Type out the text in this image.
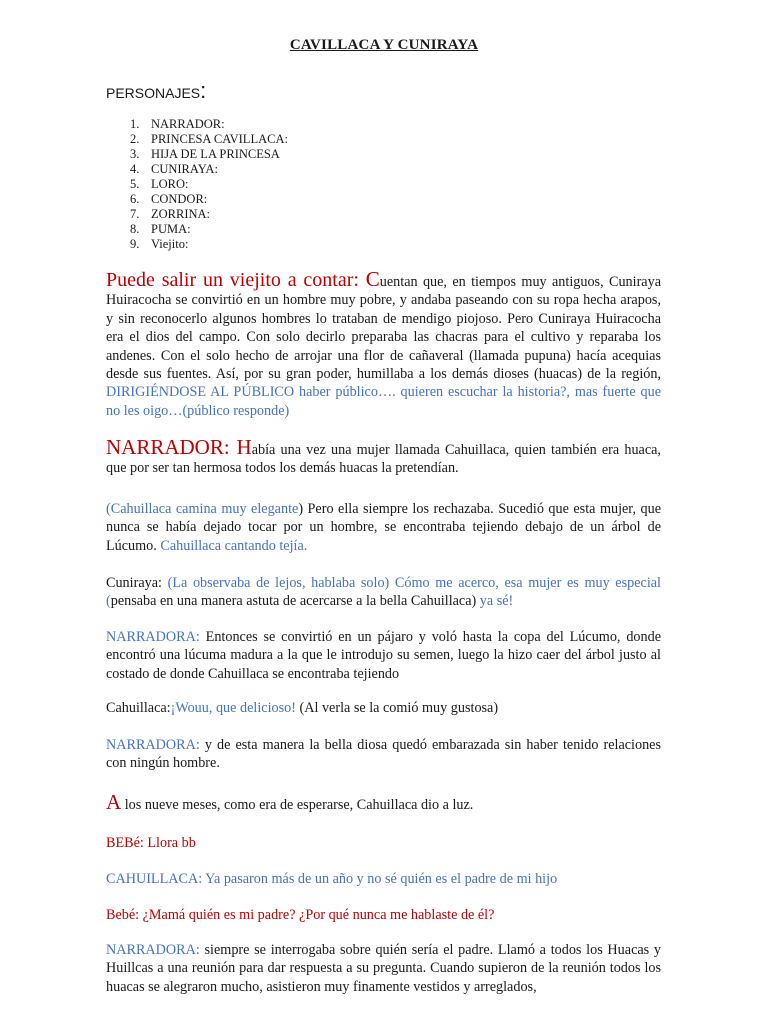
CAVILLACA Y CUNIRAYA
PERSONAJES:
1. NARRADOR:
2. PRINCESA CAVILLACA:
3. HIJA DE LA PRINCESA
4. CUNIRAYA:
5. LORO:
6. CONDOR:
7. ZORRINA:
8. PUMA:
9. Viejito:
Puede salir un viejito a contar: Cuentan que, en tiempos muy antiguos, Cuniraya Huiracocha se convirtió en un hombre muy pobre, y andaba paseando con su ropa hecha arapos, y sin reconocerlo algunos hombres lo trataban de mendigo piojoso. Pero Cuniraya Huiracocha era el dios del campo. Con solo decirlo preparaba las chacras para el cultivo y reparaba los andenes. Con el solo hecho de arrojar una flor de cañaveral (llamada pupuna) hacía acequias desde sus fuentes. Así, por su gran poder, humillaba a los demás dioses (huacas) de la región, DIRIGIÉNDOSE AL PÚBLICO haber público…. quieren escuchar la historia?, mas fuerte que no les oigo…(público responde)
NARRADOR: Había una vez una mujer llamada Cahuillaca, quien también era huaca, que por ser tan hermosa todos los demás huacas la pretendían.
(Cahuillaca camina muy elegante) Pero ella siempre los rechazaba. Sucedió que esta mujer, que nunca se había dejado tocar por un hombre, se encontraba tejiendo debajo de un árbol de Lúcumo. Cahuillaca cantando tejía.
Cuniraya: (La observaba de lejos, hablaba solo) Cómo me acerco, esa mujer es muy especial (pensaba en una manera astuta de acercarse a la bella Cahuillaca) ya sé!
NARRADORA: Entonces se convirtió en un pájaro y voló hasta la copa del Lúcumo, donde encontró una lúcuma madura a la que le introdujo su semen, luego la hizo caer del árbol justo al costado de donde Cahuillaca se encontraba tejiendo
Cahuillaca:¡Wouu, que delicioso! (Al verla se la comió muy gustosa)
NARRADORA: y de esta manera la bella diosa quedó embarazada sin haber tenido relaciones con ningún hombre.
A los nueve meses, como era de esperarse, Cahuillaca dio a luz.
BEBé: Llora bb
CAHUILLACA: Ya pasaron más de un año y no sé quién es el padre de mi hijo
Bebé: ¿Mamá quién es mi padre? ¿Por qué nunca me hablaste de él?
NARRADORA: siempre se interrogaba sobre quién sería el padre. Llamó a todos los Huacas y Huillcas a una reunión para dar respuesta a su pregunta. Cuando supieron de la reunión todos los huacas se alegraron mucho, asistieron muy finamente vestidos y arreglados,
